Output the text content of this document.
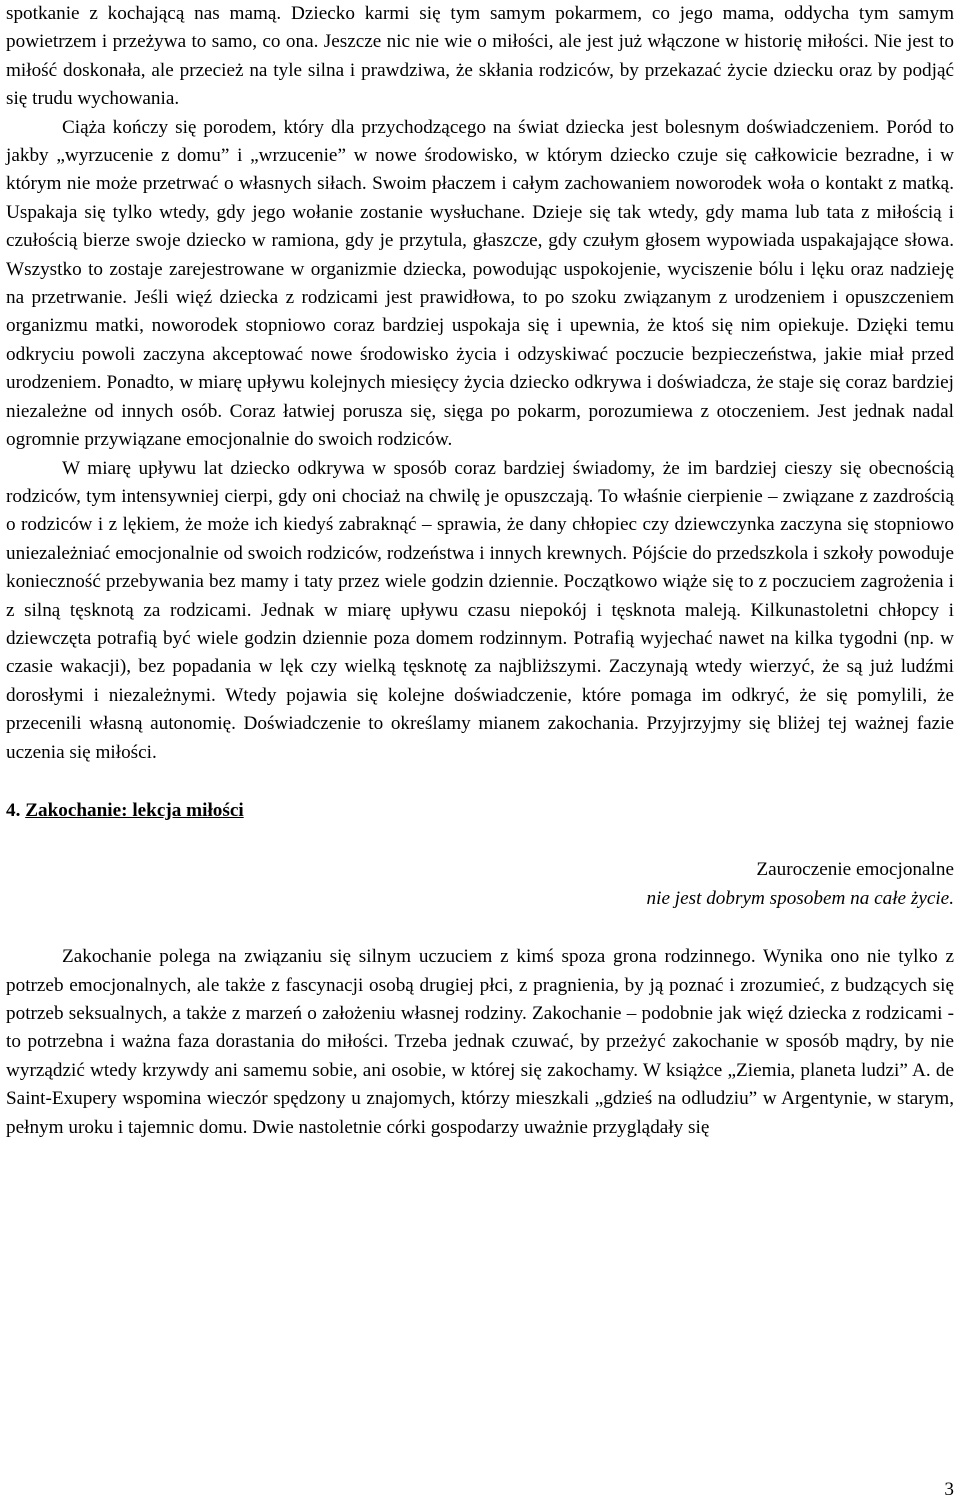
spotkanie z kochającą nas mamą. Dziecko karmi się tym samym pokarmem, co jego mama, oddycha tym samym powietrzem i przeżywa to samo, co ona. Jeszcze nic nie wie o miłości, ale jest już włączone w historię miłości. Nie jest to miłość doskonała, ale przecież na tyle silna i prawdziwa, że skłania rodziców, by przekazać życie dziecku oraz by podjąć się trudu wychowania.

Ciąża kończy się porodem, który dla przychodzącego na świat dziecka jest bolesnym doświadczeniem. Poród to jakby „wyrzucenie z domu” i „wrzucenie” w nowe środowisko, w którym dziecko czuje się całkowicie bezradne, i w którym nie może przetrwać o własnych siłach. Swoim płaczem i całym zachowaniem noworodek woła o kontakt z matką. Uspakaja się tylko wtedy, gdy jego wołanie zostanie wysłuchane. Dzieje się tak wtedy, gdy mama lub tata z miłością i czułością bierze swoje dziecko w ramiona, gdy je przytula, głaszcze, gdy czułym głosem wypowiada uspakajające słowa. Wszystko to zostaje zarejestrowane w organizmie dziecka, powodując uspokojenie, wyciszenie bólu i lęku oraz nadzieję na przetrwanie. Jeśli więź dziecka z rodzicami jest prawidłowa, to po szoku związanym z urodzeniem i opuszczeniem organizmu matki, noworodek stopniowo coraz bardziej uspokaja się i upewnia, że ktoś się nim opiekuje. Dzięki temu odkryciu powoli zaczyna akceptować nowe środowisko życia i odzyskiwać poczucie bezpieczeństwa, jakie miał przed urodzeniem. Ponadto, w miarę upływu kolejnych miesięcy życia dziecko odkrywa i doświadcza, że staje się coraz bardziej niezależne od innych osób. Coraz łatwiej porusza się, sięga po pokarm, porozumiewa z otoczeniem. Jest jednak nadal ogromnie przywiązane emocjonalnie do swoich rodziców.

W miarę upływu lat dziecko odkrywa w sposób coraz bardziej świadomy, że im bardziej cieszy się obecnością rodziców, tym intensywniej cierpi, gdy oni chociaż na chwilę je opuszczają. To właśnie cierpienie – związane z zazdrością o rodziców i z lękiem, że może ich kiedyś zabraknąć – sprawia, że dany chłopiec czy dziewczynka zaczyna się stopniowo uniezależniać emocjonalnie od swoich rodziców, rodzeństwa i innych krewnych. Pójście do przedszkola i szkoły powoduje konieczność przebywania bez mamy i taty przez wiele godzin dziennie. Początkowo wiąże się to z poczuciem zagrożenia i z silną tęsknotą za rodzicami. Jednak w miarę upływu czasu niepokój i tęsknota maleją. Kilkunastoletni chłopcy i dziewczęta potrafią być wiele godzin dziennie poza domem rodzinnym. Potrafią wyjechać nawet na kilka tygodni (np. w czasie wakacji), bez popadania w lęk czy wielką tęsknotę za najbliższymi. Zaczynają wtedy wierzyć, że są już ludźmi dorosłymi i niezależnymi. Wtedy pojawia się kolejne doświadczenie, które pomaga im odkryć, że się pomylili, że przecenili własną autonomię. Doświadczenie to określamy mianem zakochania. Przyjrzyjmy się bliżej tej ważnej fazie uczenia się miłości.

4. Zakochanie: lekcja miłości

Zauroczenie emocjonalne

nie jest dobrym sposobem na całe życie.

Zakochanie polega na związaniu się silnym uczuciem z kimś spoza grona rodzinnego. Wynika ono nie tylko z potrzeb emocjonalnych, ale także z fascynacji osobą drugiej płci, z pragnienia, by ją poznać i zrozumieć, z budzących się potrzeb seksualnych, a także z marzeń o założeniu własnej rodziny. Zakochanie – podobnie jak więź dziecka z rodzicami - to potrzebna i ważna faza dorastania do miłości. Trzeba jednak czuwać, by przeżyć zakochanie w sposób mądry, by nie wyrządzić wtedy krzywdy ani samemu sobie, ani osobie, w której się zakochamy. W książce „Ziemia, planeta ludzi” A. de Saint-Exupery wspomina wieczór spędzony u znajomych, którzy mieszkali „gdzieś na odludziu” w Argentynie, w starym, pełnym uroku i tajemnic domu. Dwie nastoletnie córki gospodarzy uważnie przyglądały się

3
